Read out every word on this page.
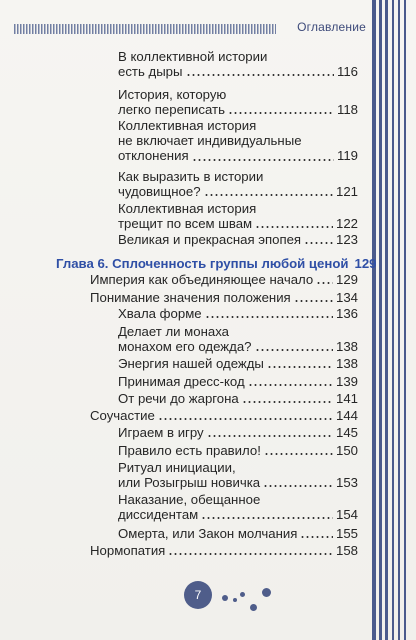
Оглавление
В коллективной истории
есть дыры	116
История, которую
легко переписать	118
Коллективная история
не включает индивидуальные
отклонения	119
Как выразить в истории
чудовищное?	121
Коллективная история
трещит по всем швам	122
Великая и прекрасная эпопея	123
Глава 6. Сплоченность группы любой ценой 129
Империя как объединяющее начало 129
Понимание значения положения	134
Хвала форме	136
Делает ли монаха
монахом его одежда?	138
Энергия нашей одежды	138
Принимая дресс-код	139
От речи до жаргона	141
Соучастие	144
Играем в игру	145
Правило есть правило!	150
Ритуал инициации,
или Розыгрыш новичка	153
Наказание, обещанное
диссидентам	154
Омерта, или Закон молчания	155
Нормопатия	158
7
